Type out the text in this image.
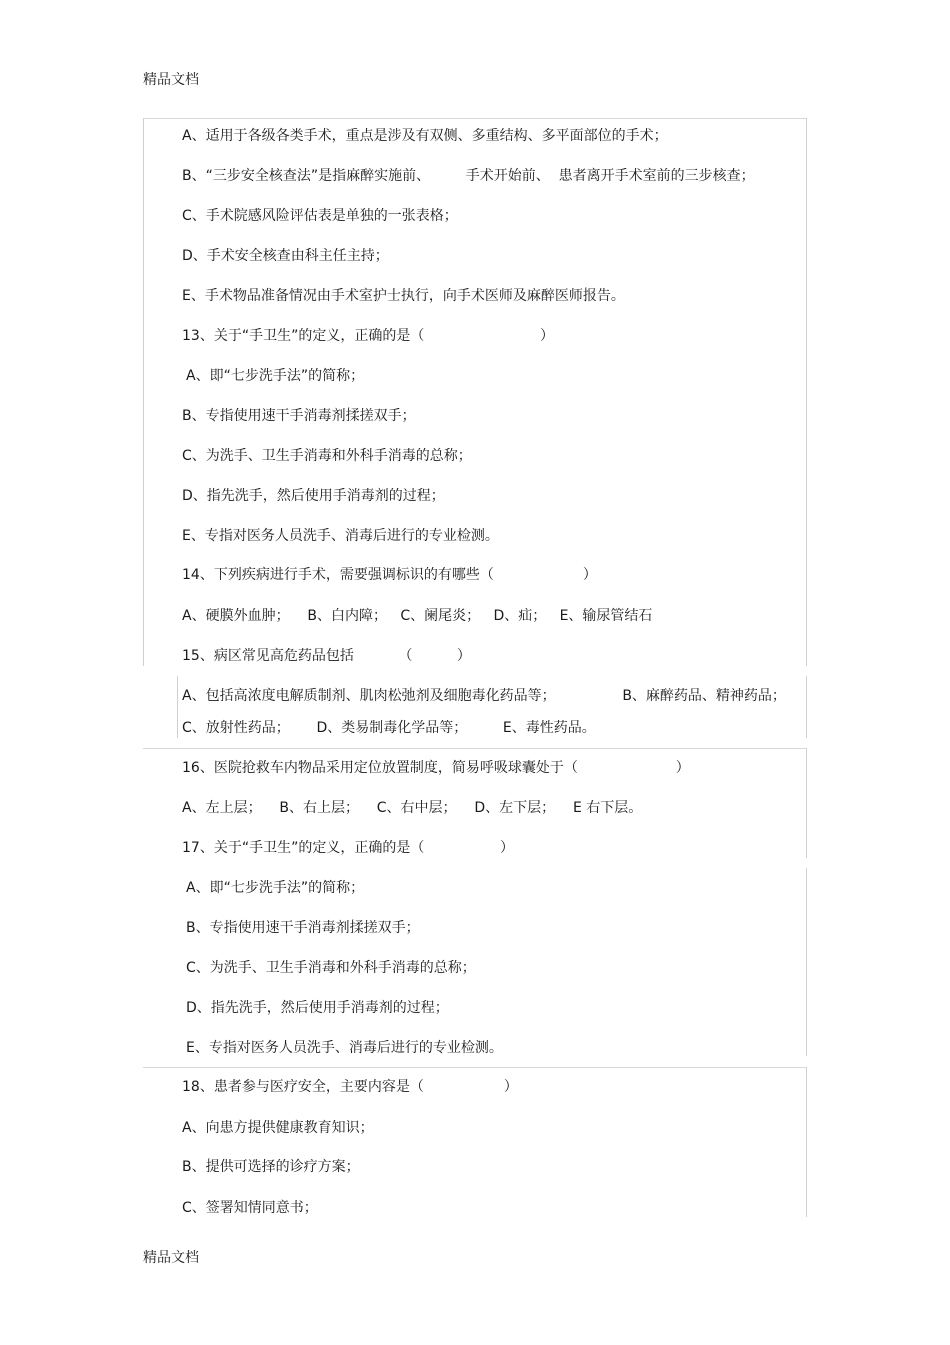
精品文档
A、适用于各级各类手术，重点是涉及有双侧、多重结构、多平面部位的手术；
B、“三步安全核查法”是指麻醉实施前、        手术开始前、  患者离开手术室前的三步核查；
C、手术院感风险评估表是单独的一张表格；
D、手术安全核查由科主任主持；
E、手术物品准备情况由手术室护士执行，向手术医师及麻醉医师报告。
13、关于“手卫生”的定义，正确的是（                          ）
A、即“七步洗手法”的简称；
B、专指使用速干手消毒剂揉搓双手；
C、为洗手、卫生手消毒和外科手消毒的总称；
D、指先洗手，然后使用手消毒剂的过程；
E、专指对医务人员洗手、消毒后进行的专业检测。
14、下列疾病进行手术，需要强调标识的有哪些（                    ）
A、硬膜外血肿；    B、白内障；   C、阑尾炎；   D、疝；   E、输尿管结石
15、病区常见高危药品包括          （          ）
A、包括高浓度电解质制剂、肌肉松弛剂及细胞毒化药品等；               B、麻醉药品、精神药品；
C、放射性药品；      D、类易制毒化学品等；        E、毒性药品。
16、医院抢救车内物品采用定位放置制度，简易呼吸球囊处于（                      ）
A、左上层；    B、右上层；    C、右中层；    D、左下层；    E 右下层。
17、关于“手卫生”的定义，正确的是（                 ）
A、即“七步洗手法”的简称；
B、专指使用速干手消毒剂揉搓双手；
C、为洗手、卫生手消毒和外科手消毒的总称；
D、指先洗手，然后使用手消毒剂的过程；
E、专指对医务人员洗手、消毒后进行的专业检测。
18、患者参与医疗安全，主要内容是（                  ）
A、向患方提供健康教育知识；
B、提供可选择的诊疗方案；
C、签署知情同意书；
精品文档
